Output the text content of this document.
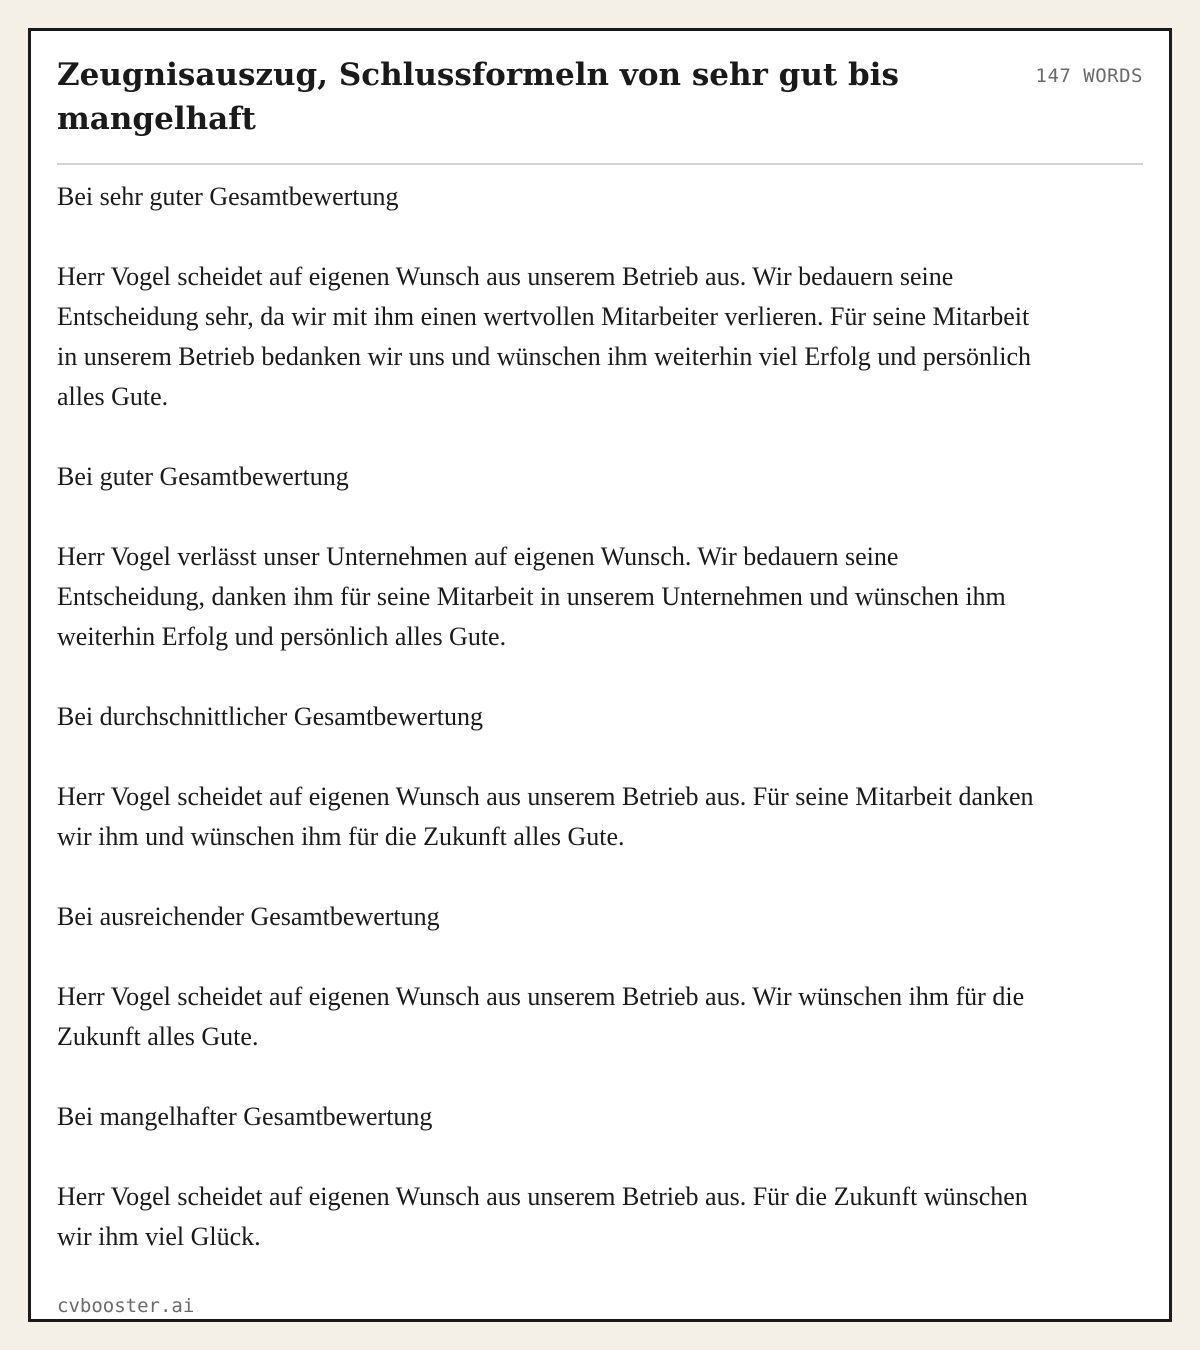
Zeugnisauszug, Schlussformeln von sehr gut bis mangelhaft
147 WORDS

Bei sehr guter Gesamtbewertung

Herr Vogel scheidet auf eigenen Wunsch aus unserem Betrieb aus. Wir bedauern seine Entscheidung sehr, da wir mit ihm einen wertvollen Mitarbeiter verlieren. Für seine Mitarbeit in unserem Betrieb bedanken wir uns und wünschen ihm weiterhin viel Erfolg und persönlich alles Gute.

Bei guter Gesamtbewertung

Herr Vogel verlässt unser Unternehmen auf eigenen Wunsch. Wir bedauern seine Entscheidung, danken ihm für seine Mitarbeit in unserem Unternehmen und wünschen ihm weiterhin Erfolg und persönlich alles Gute.

Bei durchschnittlicher Gesamtbewertung

Herr Vogel scheidet auf eigenen Wunsch aus unserem Betrieb aus. Für seine Mitarbeit danken wir ihm und wünschen ihm für die Zukunft alles Gute.

Bei ausreichender Gesamtbewertung

Herr Vogel scheidet auf eigenen Wunsch aus unserem Betrieb aus. Wir wünschen ihm für die Zukunft alles Gute.

Bei mangelhafter Gesamtbewertung

Herr Vogel scheidet auf eigenen Wunsch aus unserem Betrieb aus. Für die Zukunft wünschen wir ihm viel Glück.

cvbooster.ai
